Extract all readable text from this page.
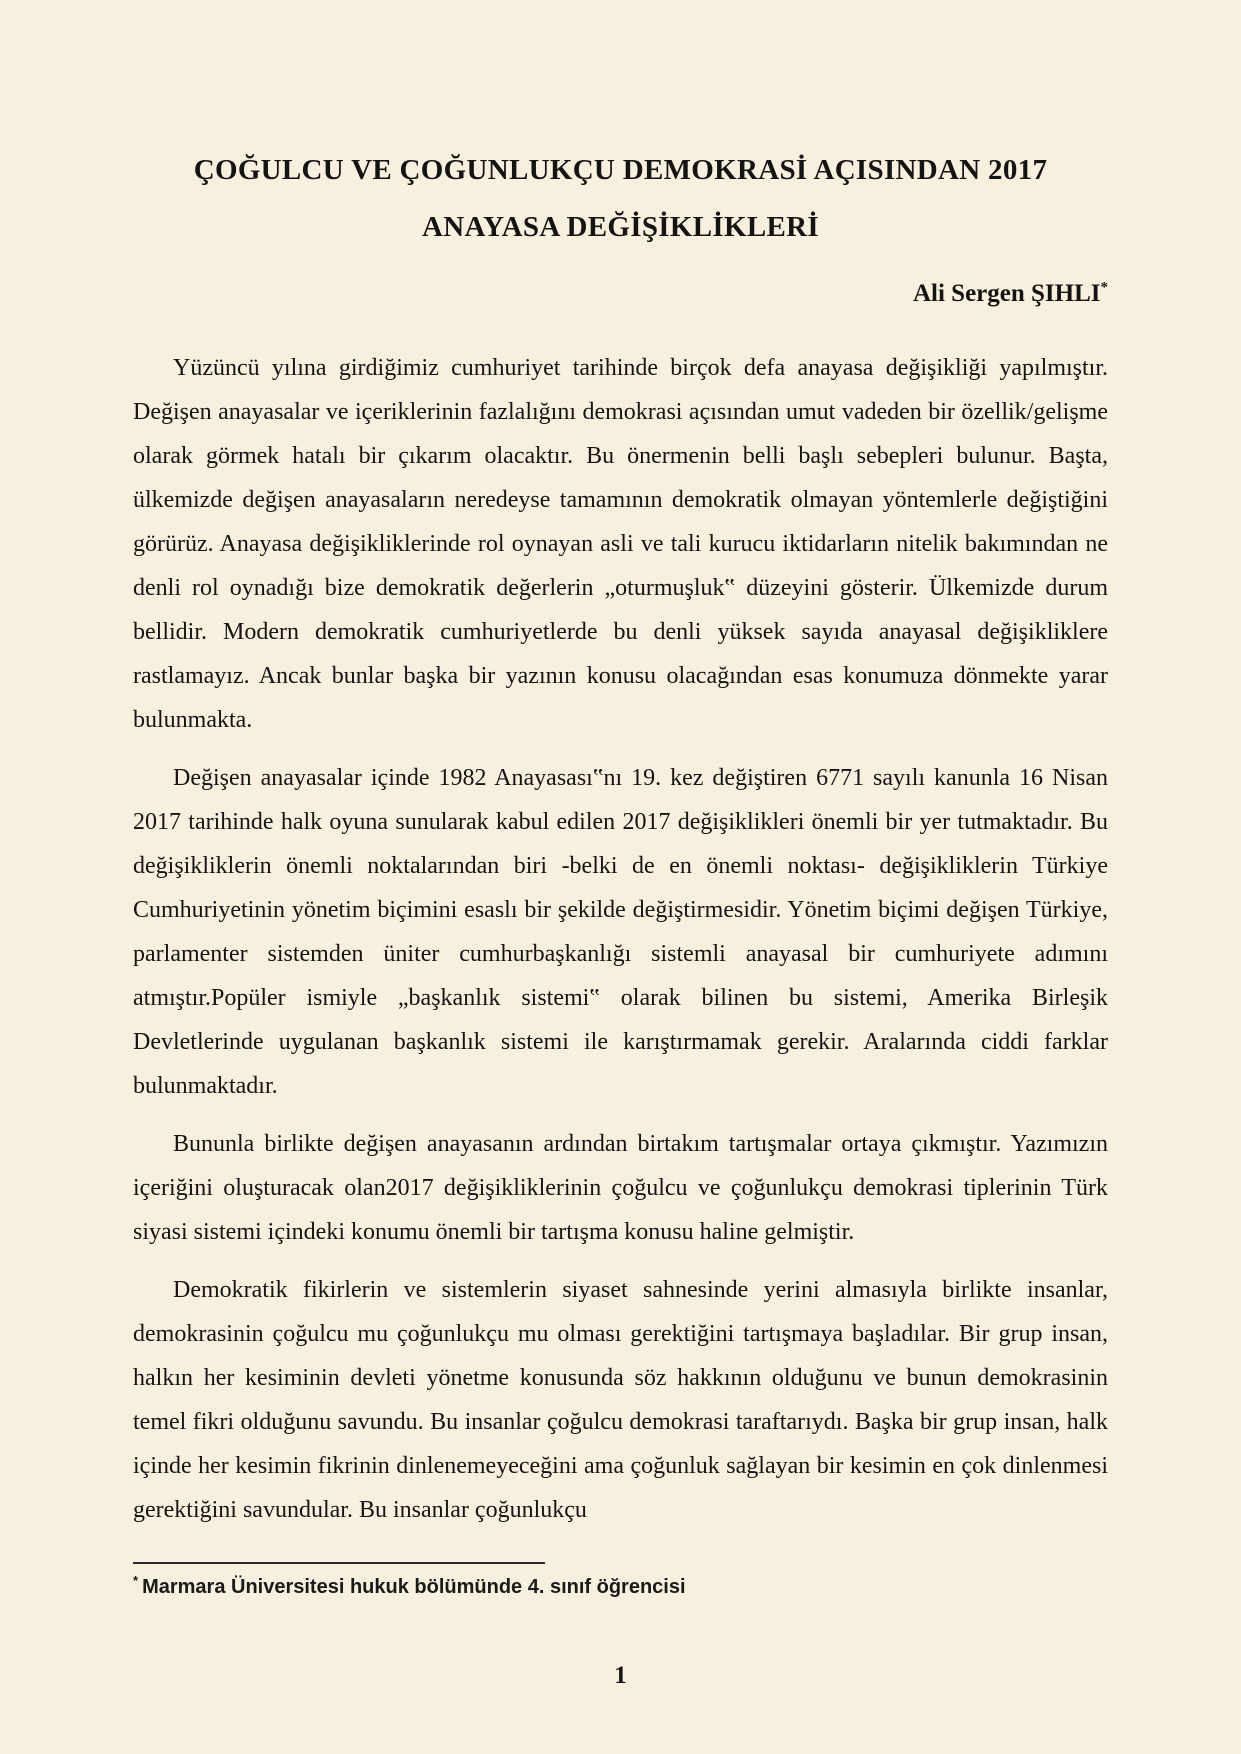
ÇOĞULCU VE ÇOĞUNLUKÇU DEMOKRASİ AÇISINDAN 2017
ANAYASA DEĞİŞİKLİKLERİ
Ali Sergen ŞIHLI*

Yüzüncü yılına girdiğimiz cumhuriyet tarihinde birçok defa anayasa değişikliği yapılmıştır. Değişen anayasalar ve içeriklerinin fazlalığını demokrasi açısından umut vadeden bir özellik/gelişme olarak görmek hatalı bir çıkarım olacaktır. Bu önermenin belli başlı sebepleri bulunur. Başta, ülkemizde değişen anayasaların neredeyse tamamının demokratik olmayan yöntemlerle değiştiğini görürüz. Anayasa değişikliklerinde rol oynayan asli ve tali kurucu iktidarların nitelik bakımından ne denli rol oynadığı bize demokratik değerlerin „oturmuşluk‟ düzeyini gösterir. Ülkemizde durum bellidir. Modern demokratik cumhuriyetlerde bu denli yüksek sayıda anayasal değişikliklere rastlamayız. Ancak bunlar başka bir yazının konusu olacağından esas konumuza dönmekte yarar bulunmakta.

Değişen anayasalar içinde 1982 Anayasası‟nı 19. kez değiştiren 6771 sayılı kanunla 16 Nisan 2017 tarihinde halk oyuna sunularak kabul edilen 2017 değişiklikleri önemli bir yer tutmaktadır. Bu değişikliklerin önemli noktalarından biri -belki de en önemli noktası- değişikliklerin Türkiye Cumhuriyetinin yönetim biçimini esaslı bir şekilde değiştirmesidir. Yönetim biçimi değişen Türkiye, parlamenter sistemden üniter cumhurbaşkanlığı sistemli anayasal bir cumhuriyete adımını atmıştır.Popüler ismiyle „başkanlık sistemi‟ olarak bilinen bu sistemi, Amerika Birleşik Devletlerinde uygulanan başkanlık sistemi ile karıştırmamak gerekir. Aralarında ciddi farklar bulunmaktadır.

Bununla birlikte değişen anayasanın ardından birtakım tartışmalar ortaya çıkmıştır. Yazımızın içeriğini oluşturacak olan2017 değişikliklerinin çoğulcu ve çoğunlukçu demokrasi tiplerinin Türk siyasi sistemi içindeki konumu önemli bir tartışma konusu haline gelmiştir.

Demokratik fikirlerin ve sistemlerin siyaset sahnesinde yerini almasıyla birlikte insanlar, demokrasinin çoğulcu mu çoğunlukçu mu olması gerektiğini tartışmaya başladılar. Bir grup insan, halkın her kesiminin devleti yönetme konusunda söz hakkının olduğunu ve bunun demokrasinin temel fikri olduğunu savundu. Bu insanlar çoğulcu demokrasi taraftarıydı. Başka bir grup insan, halk içinde her kesimin fikrinin dinlenemeyeceğini ama çoğunluk sağlayan bir kesimin en çok dinlenmesi gerektiğini savundular. Bu insanlar çoğunlukçu

* Marmara Üniversitesi hukuk bölümünde 4. sınıf öğrencisi
1
